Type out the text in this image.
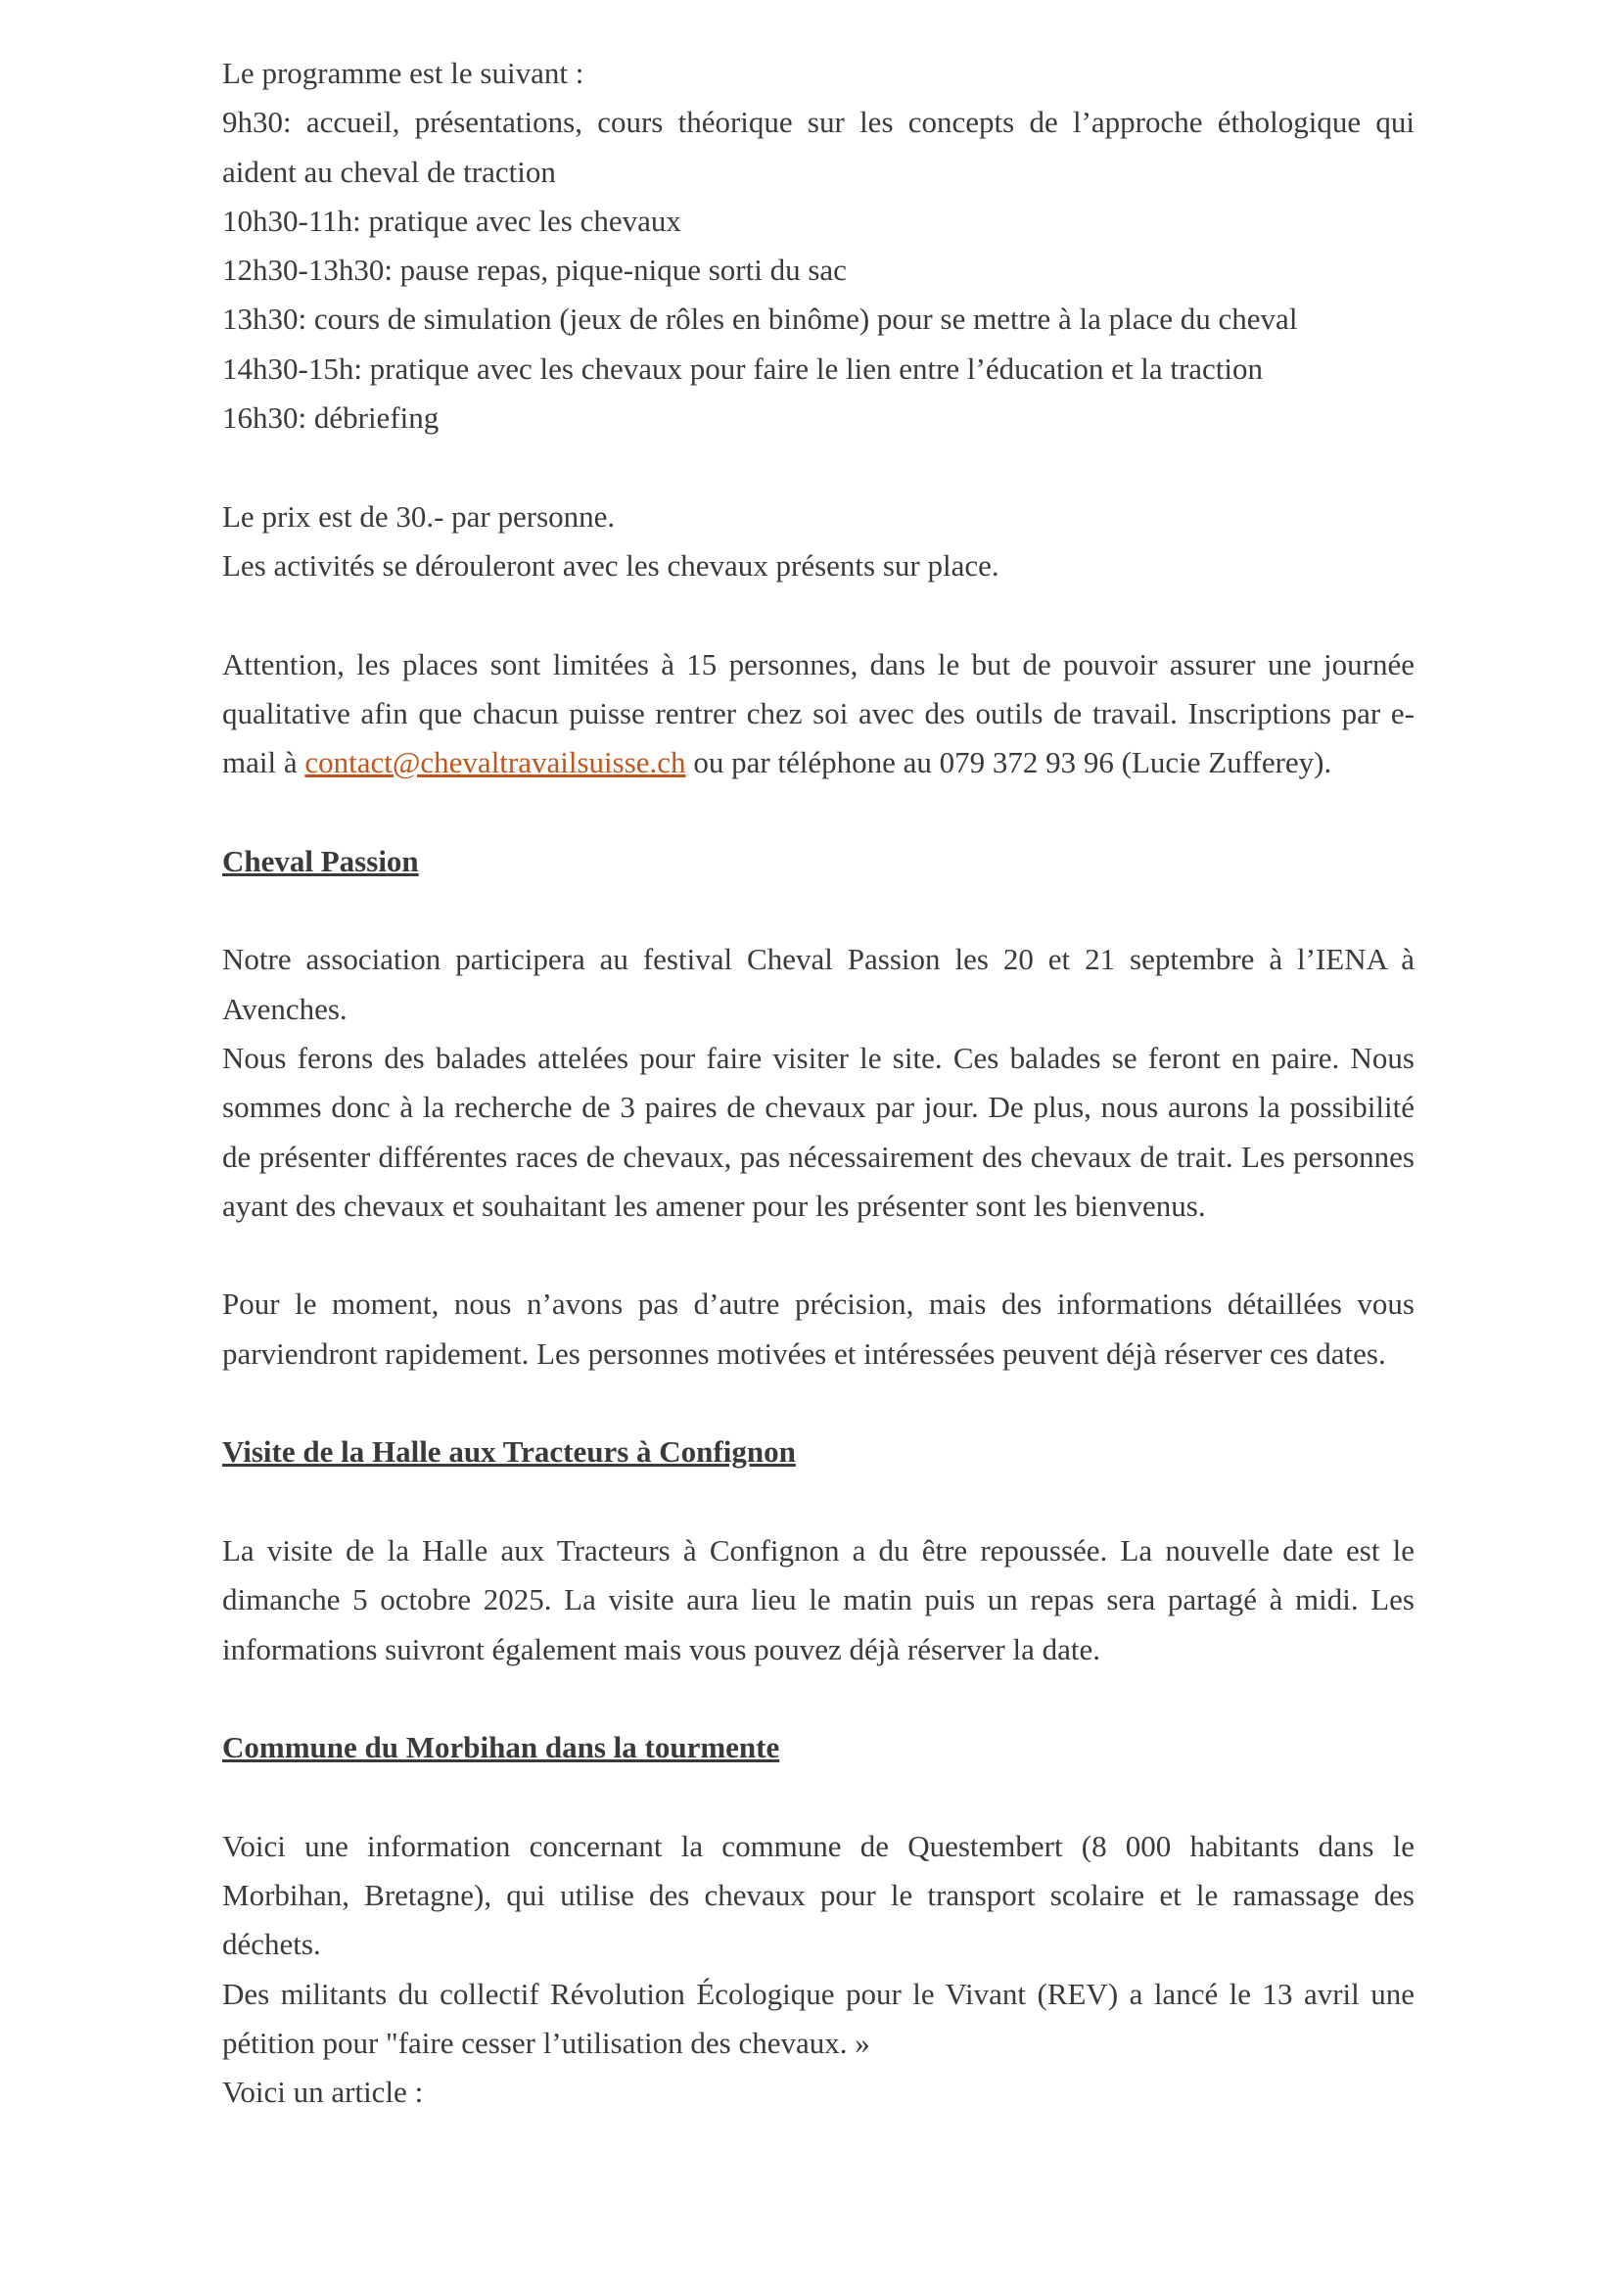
Le programme est le suivant :

9h30: accueil, présentations, cours théorique sur les concepts de l’approche éthologique qui aident au cheval de traction

10h30-11h: pratique avec les chevaux

12h30-13h30: pause repas, pique-nique sorti du sac

13h30: cours de simulation (jeux de rôles en binôme) pour se mettre à la place du cheval

14h30-15h: pratique avec les chevaux pour faire le lien entre l’éducation et la traction

16h30: débriefing

Le prix est de 30.- par personne.

Les activités se dérouleront avec les chevaux présents sur place.

Attention, les places sont limitées à 15 personnes, dans le but de pouvoir assurer une journée qualitative afin que chacun puisse rentrer chez soi avec des outils de travail. Inscriptions par e-mail à contact@chevaltravailsuisse.ch ou par téléphone au 079 372 93 96 (Lucie Zufferey).

Cheval Passion

Notre association participera au festival Cheval Passion les 20 et 21 septembre à l’IENA à Avenches.

Nous ferons des balades attelées pour faire visiter le site. Ces balades se feront en paire. Nous sommes donc à la recherche de 3 paires de chevaux par jour. De plus, nous aurons la possibilité de présenter différentes races de chevaux, pas nécessairement des chevaux de trait. Les personnes ayant des chevaux et souhaitant les amener pour les présenter sont les bienvenus.

Pour le moment, nous n’avons pas d’autre précision, mais des informations détaillées vous parviendront rapidement. Les personnes motivées et intéressées peuvent déjà réserver ces dates.

Visite de la Halle aux Tracteurs à Confignon

La visite de la Halle aux Tracteurs à Confignon a du être repoussée. La nouvelle date est le dimanche 5 octobre 2025. La visite aura lieu le matin puis un repas sera partagé à midi. Les informations suivront également mais vous pouvez déjà réserver la date.

Commune du Morbihan dans la tourmente

Voici une information concernant la commune de Questembert (8 000 habitants dans le Morbihan, Bretagne), qui utilise des chevaux pour le transport scolaire et le ramassage des déchets.

Des militants du collectif Révolution Écologique pour le Vivant (REV) a lancé le 13 avril une pétition pour "faire cesser l’utilisation des chevaux. »

Voici un article :
